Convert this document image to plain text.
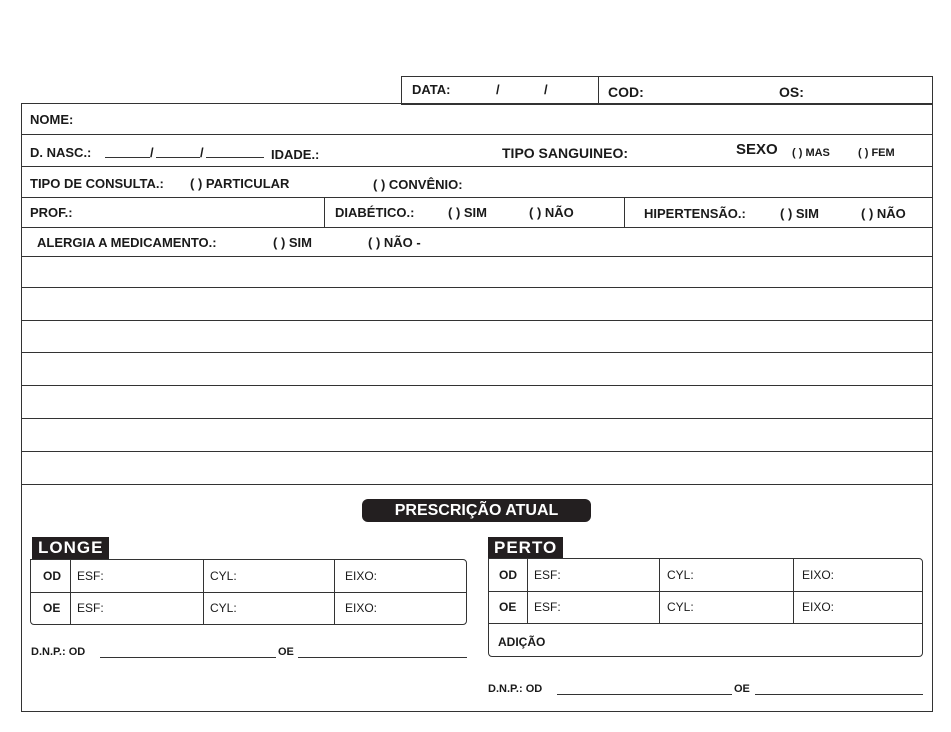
DATA:	/	/	COD:	OS:
NOME:
D. NASC.:	/	/	IDADE.:	TIPO SANGUINEO:	SEXO ( ) MAS	( ) FEM
TIPO DE CONSULTA.: ( ) PARTICULAR	( ) CONVÊNIO:
PROF.:	DIABÉTICO.:	( ) SIM	( ) NÃO	HIPERTENSÃO.:	( ) SIM	( ) NÃO
ALERGIA A MEDICAMENTO.:	( ) SIM	( ) NÃO -
PRESCRIÇÃO ATUAL
LONGE
OD ESF:	CYL:	EIXO:
OE ESF:	CYL:	EIXO:
D.N.P.: OD	OE
PERTO
OD ESF:	CYL:	EIXO:
OE ESF:	CYL:	EIXO:
ADIÇÃO
D.N.P.: OD	OE
